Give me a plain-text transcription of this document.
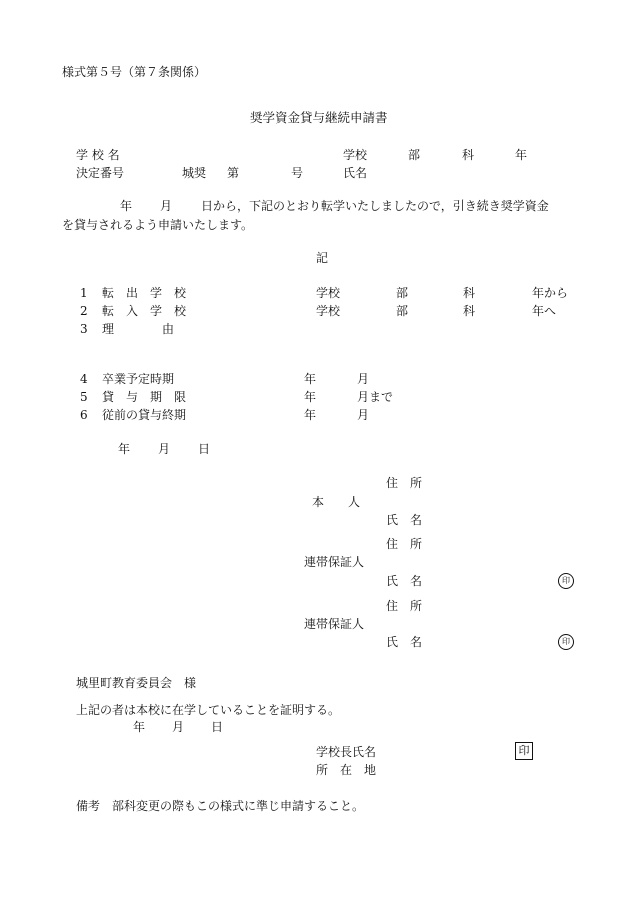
様式第５号（第７条関係）
奨学資金貸与継続申請書
学 校 名	学校	部	科	年
決定番号	城奨 第	号	氏名
年 月 日から，下記のとおり転学いたしましたので，引き続き奨学資金
を貸与されるよう申請いたします。
記
1 転　出　学　校	学校	部	科	年から
2 転　入　学　校	学校	部	科	年へ
3 理　　　　由
4 卒業予定時期	年	月
5 貸　与　期　限	年	月まで
6 従前の貸与終期	年	月
年 月 日
住　所
本　　人
氏　名
住　所
連帯保証人
氏　名	印
住　所
連帯保証人
氏　名	印
城里町教育委員会　様
上記の者は本校に在学していることを証明する。
年 月 日
学校長氏名	印
所　在　地
備考　部科変更の際もこの様式に準じ申請すること。
